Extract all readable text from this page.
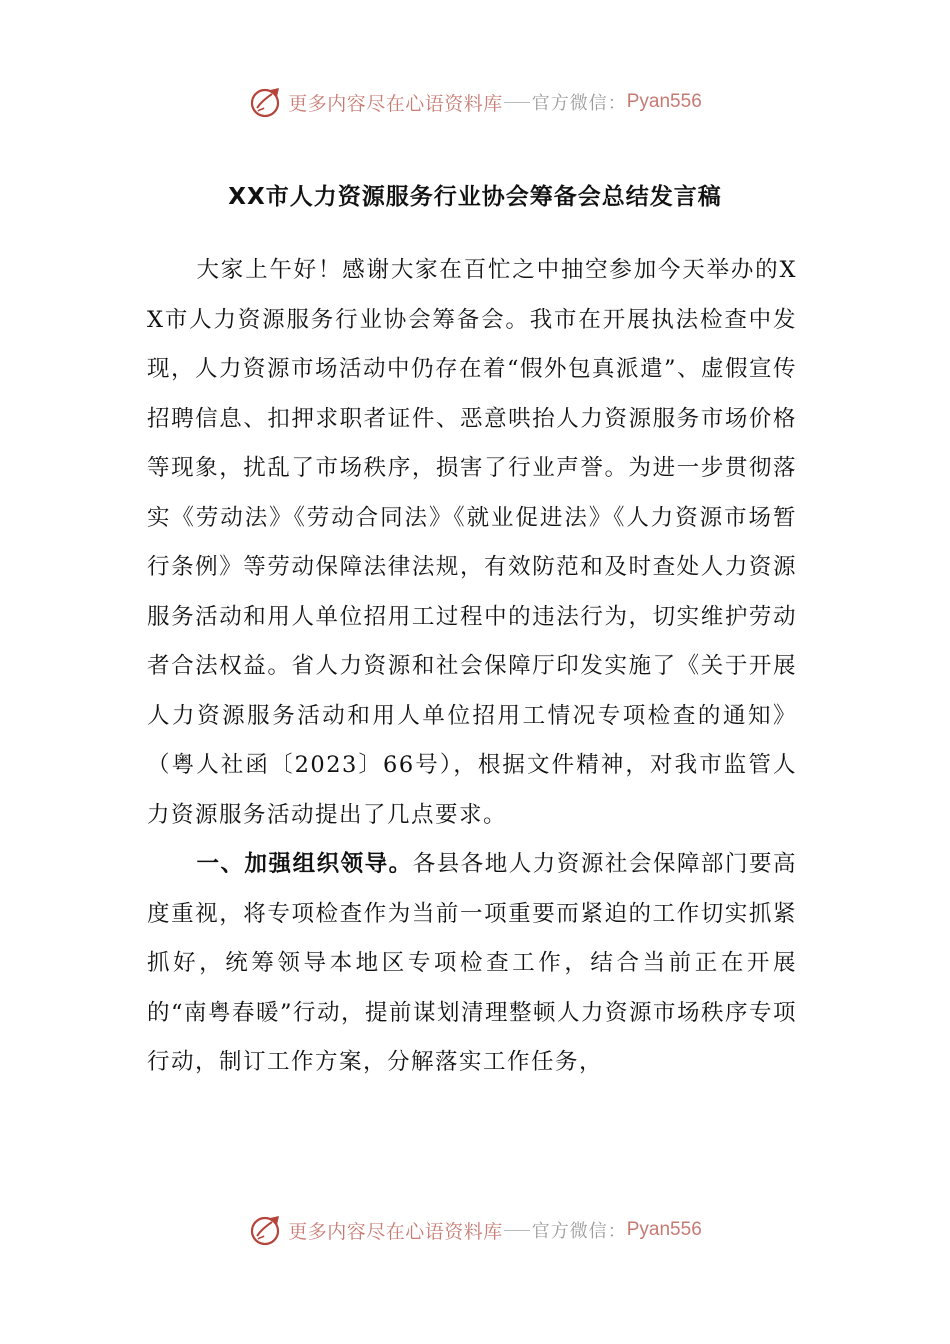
更多内容尽在心语资料库 官方微信： Pyan556
XX市人力资源服务行业协会筹备会总结发言稿

大家上午好！感谢大家在百忙之中抽空参加今天举办的XX市人力资源服务行业协会筹备会。我市在开展执法检查中发现，人力资源市场活动中仍存在着“假外包真派遣”、虚假宣传招聘信息、扣押求职者证件、恶意哄抬人力资源服务市场价格等现象，扰乱了市场秩序，损害了行业声誉。为进一步贯彻落实《劳动法》《劳动合同法》《就业促进法》《人力资源市场暂行条例》等劳动保障法律法规，有效防范和及时查处人力资源服务活动和用人单位招用工过程中的违法行为，切实维护劳动者合法权益。省人力资源和社会保障厅印发实施了《关于开展人力资源服务活动和用人单位招用工情况专项检查的通知》（粤人社函〔2023〕66号），根据文件精神，对我市监管人力资源服务活动提出了几点要求。

一、加强组织领导。各县各地人力资源社会保障部门要高度重视，将专项检查作为当前一项重要而紧迫的工作切实抓紧抓好，统筹领导本地区专项检查工作，结合当前正在开展的“南粤春暖”行动，提前谋划清理整顿人力资源市场秩序专项行动，制订工作方案，分解落实工作任务，

更多内容尽在心语资料库 官方微信： Pyan556
